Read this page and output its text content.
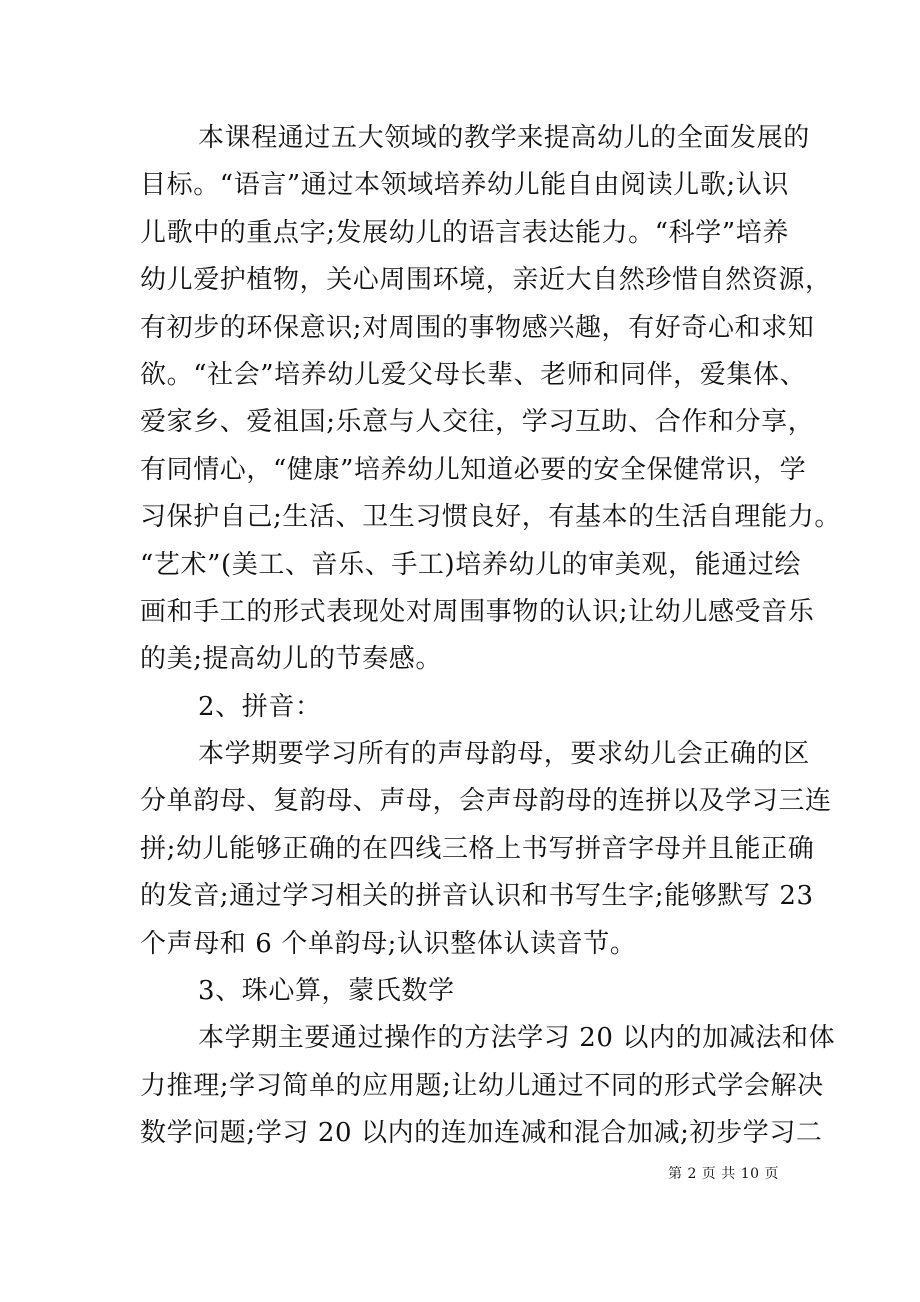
本课程通过五大领域的教学来提高幼儿的全面发展的
目标。“语言”通过本领域培养幼儿能自由阅读儿歌;认识
儿歌中的重点字;发展幼儿的语言表达能力。“科学”培养
幼儿爱护植物，关心周围环境，亲近大自然珍惜自然资源，
有初步的环保意识;对周围的事物感兴趣，有好奇心和求知
欲。“社会”培养幼儿爱父母长辈、老师和同伴，爱集体、
爱家乡、爱祖国;乐意与人交往，学习互助、合作和分享，
有同情心，“健康”培养幼儿知道必要的安全保健常识，学
习保护自己;生活、卫生习惯良好，有基本的生活自理能力。
“艺术”(美工、音乐、手工)培养幼儿的审美观，能通过绘
画和手工的形式表现处对周围事物的认识;让幼儿感受音乐
的美;提高幼儿的节奏感。
2、拼音：
本学期要学习所有的声母韵母，要求幼儿会正确的区
分单韵母、复韵母、声母，会声母韵母的连拼以及学习三连
拼;幼儿能够正确的在四线三格上书写拼音字母并且能正确
的发音;通过学习相关的拼音认识和书写生字;能够默写 23
个声母和 6 个单韵母;认识整体认读音节。
3、珠心算，蒙氏数学
本学期主要通过操作的方法学习 20 以内的加减法和体
力推理;学习简单的应用题;让幼儿通过不同的形式学会解决
数学问题;学习 20 以内的连加连减和混合加减;初步学习二
第 2 页 共 10 页
